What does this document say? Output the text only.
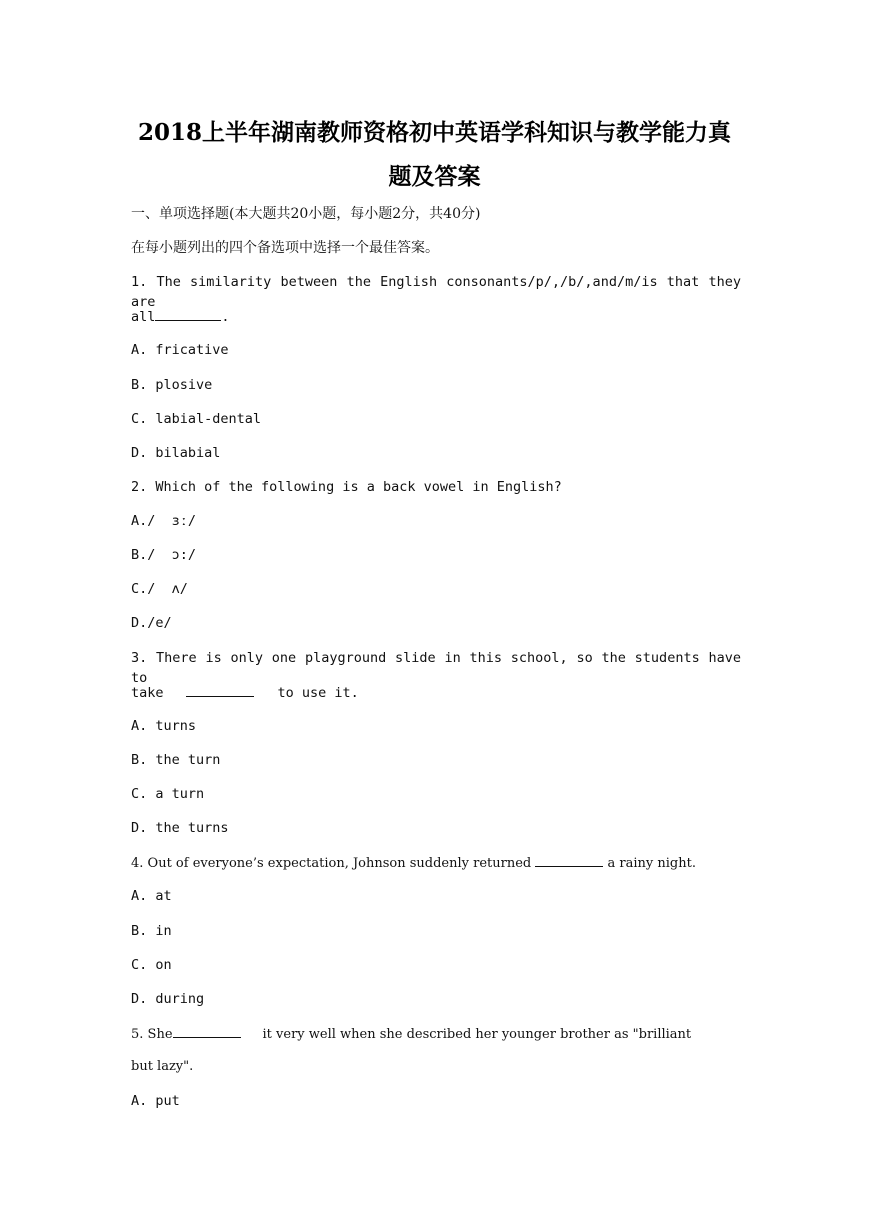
2018上半年湖南教师资格初中英语学科知识与教学能力真
题及答案
一、单项选择题(本大题共20小题，每小题2分，共40分)
在每小题列出的四个备选项中选择一个最佳答案。
1. The similarity between the English consonants/p/,/b/,and/m/is that they are
all	.
A. fricative
B. plosive
C. labial-dental
D. bilabial
2. Which of the following is a back vowel in English?
A./  ɜː/
B./  ɔ:/
C./  ʌ/
D./e/
3. There is only one playground slide in this school, so the students have to
take	to use it.
A. turns
B. the turn
C. a turn
D. the turns
4. Out of everyone’s expectation, Johnson suddenly returned	a rainy night.
A. at
B. in
C. on
D. during
5. She	it very well when she described her younger brother as "brilliant
but lazy".
A. put
